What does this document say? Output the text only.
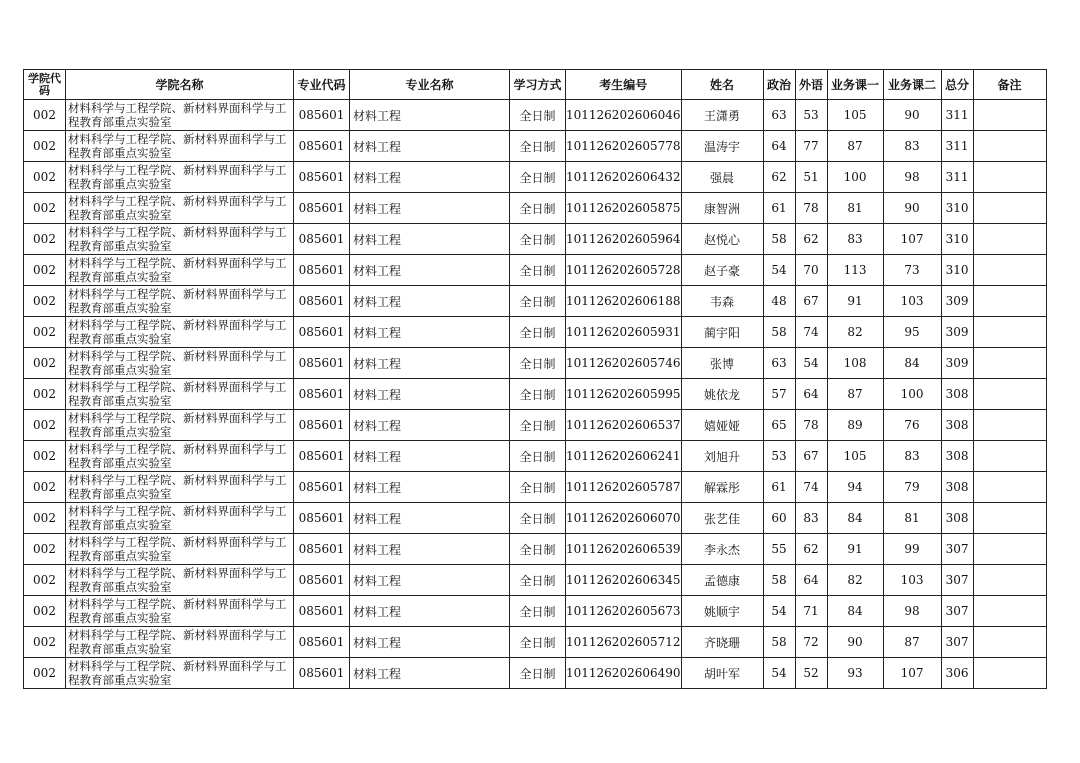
学院代码	学院名称	专业代码	专业名称	学习方式	考生编号	姓名	政治	外语	业务课一	业务课二	总分	备注
002	材料科学与工程学院、新材料界面科学与工程教育部重点实验室	085601	材料工程	全日制	101126202606046	王潇勇	63	53	105	90	311	
002	材料科学与工程学院、新材料界面科学与工程教育部重点实验室	085601	材料工程	全日制	101126202605778	温涛宇	64	77	87	83	311	
002	材料科学与工程学院、新材料界面科学与工程教育部重点实验室	085601	材料工程	全日制	101126202606432	强晨	62	51	100	98	311	
002	材料科学与工程学院、新材料界面科学与工程教育部重点实验室	085601	材料工程	全日制	101126202605875	康智洲	61	78	81	90	310	
002	材料科学与工程学院、新材料界面科学与工程教育部重点实验室	085601	材料工程	全日制	101126202605964	赵悦心	58	62	83	107	310	
002	材料科学与工程学院、新材料界面科学与工程教育部重点实验室	085601	材料工程	全日制	101126202605728	赵子豪	54	70	113	73	310	
002	材料科学与工程学院、新材料界面科学与工程教育部重点实验室	085601	材料工程	全日制	101126202606188	韦森	48	67	91	103	309	
002	材料科学与工程学院、新材料界面科学与工程教育部重点实验室	085601	材料工程	全日制	101126202605931	蔺宇阳	58	74	82	95	309	
002	材料科学与工程学院、新材料界面科学与工程教育部重点实验室	085601	材料工程	全日制	101126202605746	张博	63	54	108	84	309	
002	材料科学与工程学院、新材料界面科学与工程教育部重点实验室	085601	材料工程	全日制	101126202605995	姚依龙	57	64	87	100	308	
002	材料科学与工程学院、新材料界面科学与工程教育部重点实验室	085601	材料工程	全日制	101126202606537	嬉娅娅	65	78	89	76	308	
002	材料科学与工程学院、新材料界面科学与工程教育部重点实验室	085601	材料工程	全日制	101126202606241	刘旭升	53	67	105	83	308	
002	材料科学与工程学院、新材料界面科学与工程教育部重点实验室	085601	材料工程	全日制	101126202605787	解霖彤	61	74	94	79	308	
002	材料科学与工程学院、新材料界面科学与工程教育部重点实验室	085601	材料工程	全日制	101126202606070	张艺佳	60	83	84	81	308	
002	材料科学与工程学院、新材料界面科学与工程教育部重点实验室	085601	材料工程	全日制	101126202606539	李永杰	55	62	91	99	307	
002	材料科学与工程学院、新材料界面科学与工程教育部重点实验室	085601	材料工程	全日制	101126202606345	孟德康	58	64	82	103	307	
002	材料科学与工程学院、新材料界面科学与工程教育部重点实验室	085601	材料工程	全日制	101126202605673	姚顺宇	54	71	84	98	307	
002	材料科学与工程学院、新材料界面科学与工程教育部重点实验室	085601	材料工程	全日制	101126202605712	齐晓珊	58	72	90	87	307	
002	材料科学与工程学院、新材料界面科学与工程教育部重点实验室	085601	材料工程	全日制	101126202606490	胡叶军	54	52	93	107	306	
